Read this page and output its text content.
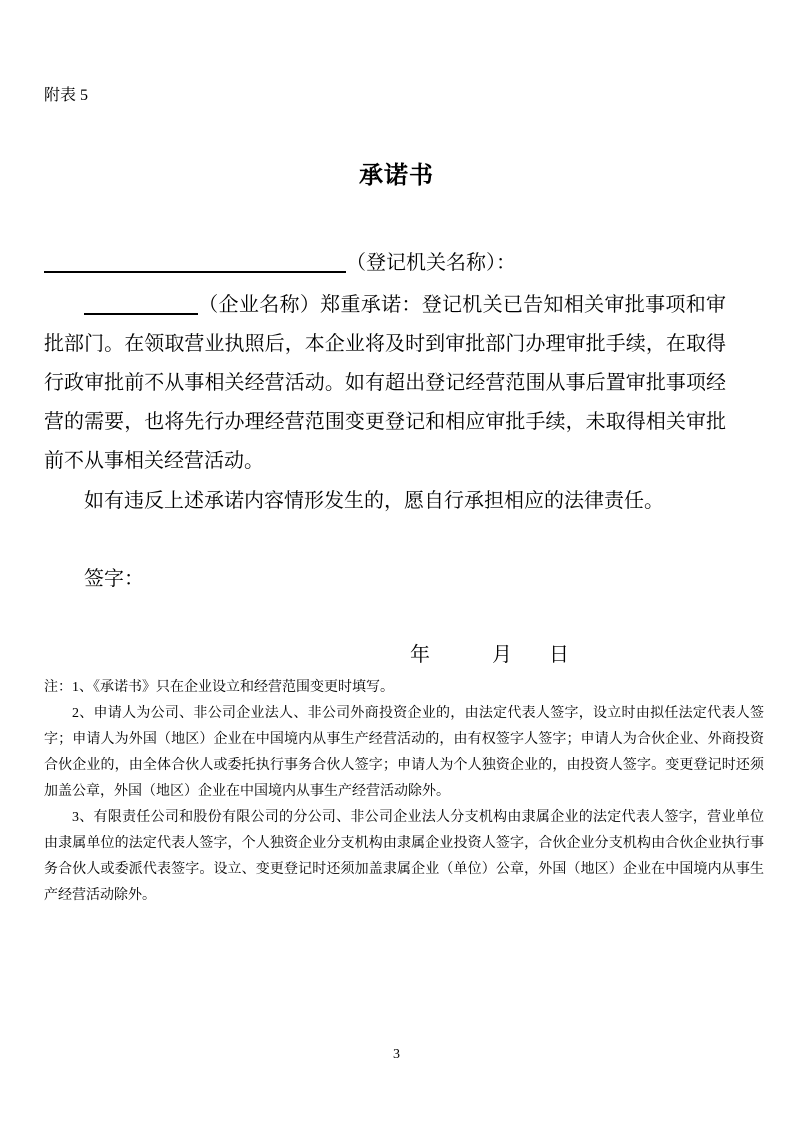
附表 5
承诺书
（登记机关名称）：

（企业名称）郑重承诺：登记机关已告知相关审批事项和审批部门。在领取营业执照后，本企业将及时到审批部门办理审批手续，在取得行政审批前不从事相关经营活动。如有超出登记经营范围从事后置审批事项经营的需要，也将先行办理经营范围变更登记和相应审批手续，未取得相关审批前不从事相关经营活动。

如有违反上述承诺内容情形发生的，愿自行承担相应的法律责任。

签字：
年	月 日

注：1、《承诺书》只在企业设立和经营范围变更时填写。

2、申请人为公司、非公司企业法人、非公司外商投资企业的，由法定代表人签字，设立时由拟任法定代表人签字；申请人为外国（地区）企业在中国境内从事生产经营活动的，由有权签字人签字；申请人为合伙企业、外商投资合伙企业的，由全体合伙人或委托执行事务合伙人签字；申请人为个人独资企业的，由投资人签字。变更登记时还须加盖公章，外国（地区）企业在中国境内从事生产经营活动除外。

3、有限责任公司和股份有限公司的分公司、非公司企业法人分支机构由隶属企业的法定代表人签字，营业单位由隶属单位的法定代表人签字，个人独资企业分支机构由隶属企业投资人签字，合伙企业分支机构由合伙企业执行事务合伙人或委派代表签字。设立、变更登记时还须加盖隶属企业（单位）公章，外国（地区）企业在中国境内从事生产经营活动除外。

3
